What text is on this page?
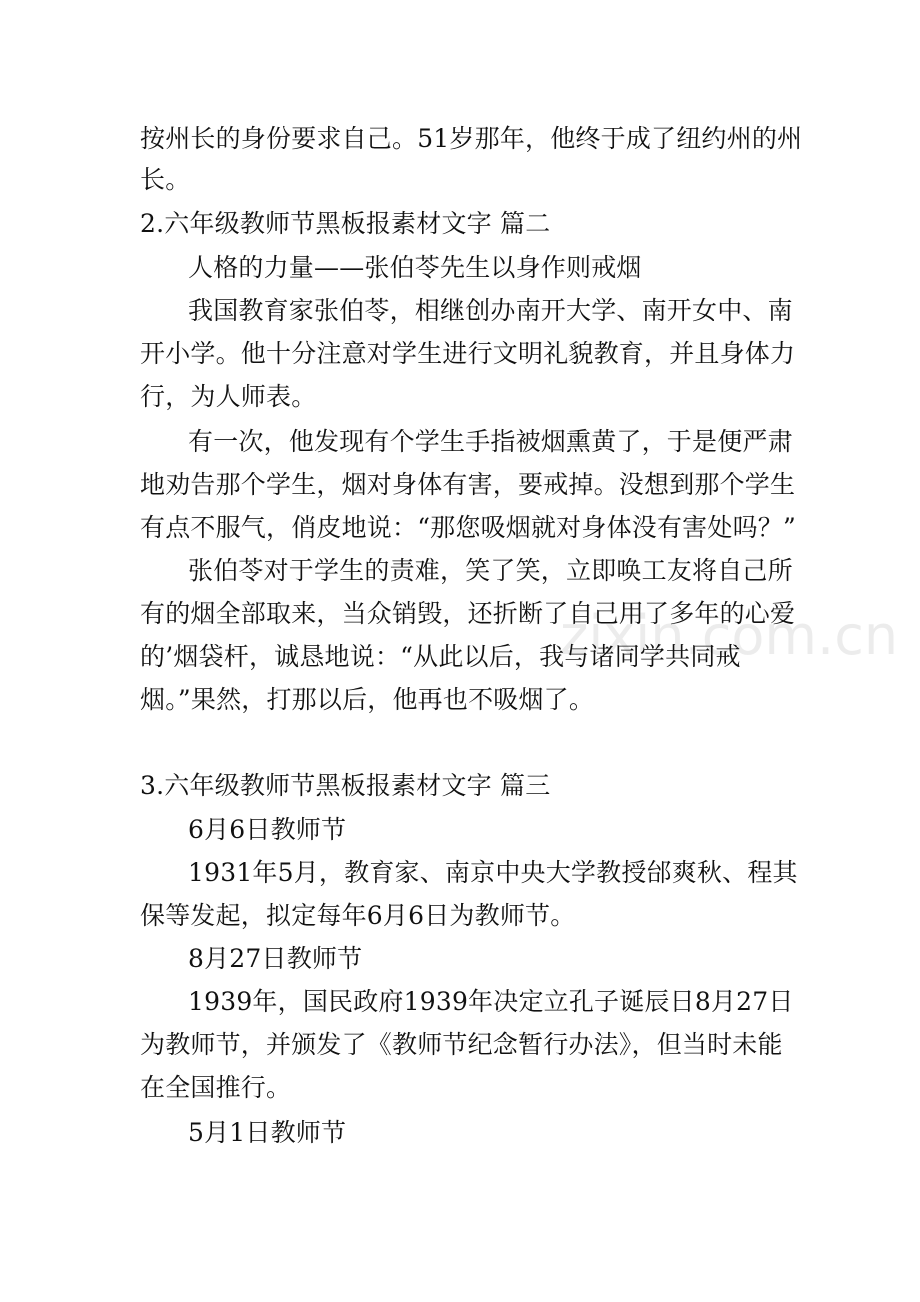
按州长的身份要求自己。51岁那年，他终于成了纽约州的州
长。
2.六年级教师节黑板报素材文字 篇二
人格的力量——张伯苓先生以身作则戒烟
我国教育家张伯苓，相继创办南开大学、南开女中、南
开小学。他十分注意对学生进行文明礼貌教育，并且身体力
行，为人师表。
有一次，他发现有个学生手指被烟熏黄了，于是便严肃
地劝告那个学生，烟对身体有害，要戒掉。没想到那个学生
有点不服气，俏皮地说：“那您吸烟就对身体没有害处吗？”
张伯苓对于学生的责难，笑了笑，立即唤工友将自己所
有的烟全部取来，当众销毁，还折断了自己用了多年的心爱
的’烟袋杆，诚恳地说：“从此以后，我与诸同学共同戒
烟。”果然，打那以后，他再也不吸烟了。
3.六年级教师节黑板报素材文字 篇三
6月6日教师节
1931年5月，教育家、南京中央大学教授邰爽秋、程其
保等发起，拟定每年6月6日为教师节。
8月27日教师节
1939年，国民政府1939年决定立孔子诞辰日8月27日
为教师节，并颁发了《教师节纪念暂行办法》，但当时未能
在全国推行。
5月1日教师节
zixin.com.cn
